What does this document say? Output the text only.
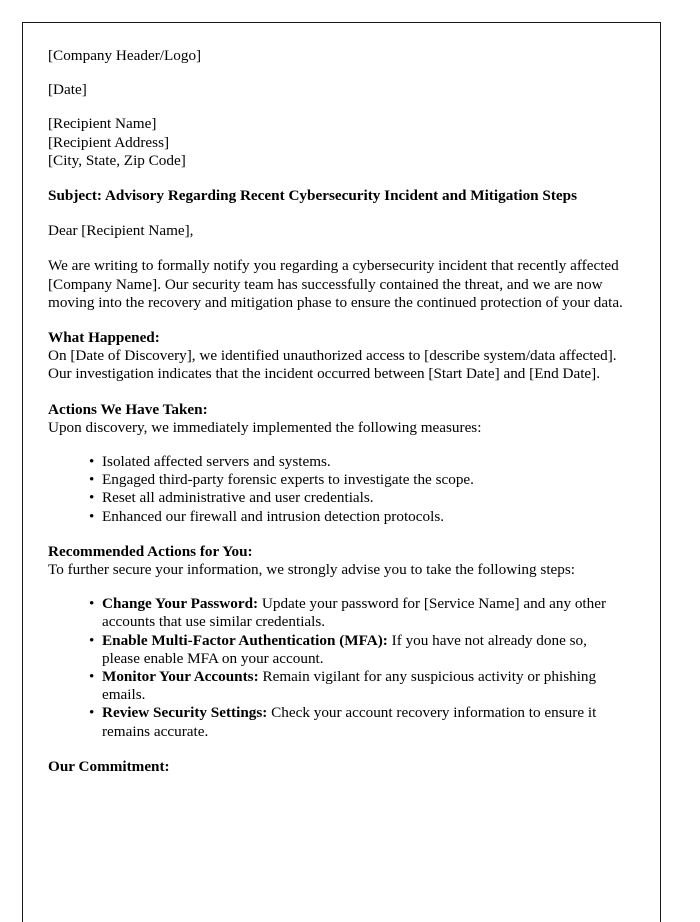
[Company Header/Logo]
[Date]
[Recipient Name]
[Recipient Address]
[City, State, Zip Code]
Subject: Advisory Regarding Recent Cybersecurity Incident and Mitigation Steps
Dear [Recipient Name],

We are writing to formally notify you regarding a cybersecurity incident that recently affected [Company Name]. Our security team has successfully contained the threat, and we are now moving into the recovery and mitigation phase to ensure the continued protection of your data.

What Happened:

On [Date of Discovery], we identified unauthorized access to [describe system/data affected]. Our investigation indicates that the incident occurred between [Start Date] and [End Date].

Actions We Have Taken:

Upon discovery, we immediately implemented the following measures:

• Isolated affected servers and systems.
• Engaged third-party forensic experts to investigate the scope.
• Reset all administrative and user credentials.
• Enhanced our firewall and intrusion detection protocols.
Recommended Actions for You:

To further secure your information, we strongly advise you to take the following steps:

• Change Your Password: Update your password for [Service Name] and any other accounts that use similar credentials.
• Enable Multi-Factor Authentication (MFA): If you have not already done so, please enable MFA on your account.
• Monitor Your Accounts: Remain vigilant for any suspicious activity or phishing emails.
• Review Security Settings: Check your account recovery information to ensure it remains accurate.
Our Commitment:
